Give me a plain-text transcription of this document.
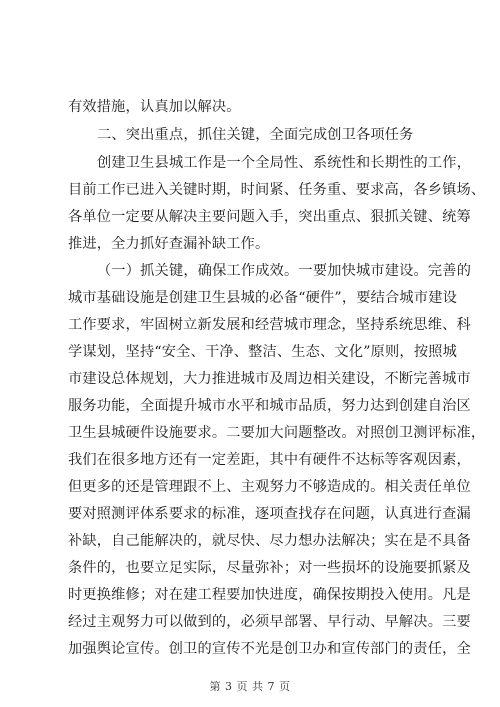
有效措施，认真加以解决。
二、突出重点，抓住关键，全面完成创卫各项任务
创建卫生县城工作是一个全局性、系统性和长期性的工作，
目前工作已进入关键时期，时间紧、任务重、要求高，各乡镇场、
各单位一定要从解决主要问题入手，突出重点、狠抓关键、统筹
推进，全力抓好查漏补缺工作。
（一）抓关键，确保工作成效。一要加快城市建设。完善的
城市基础设施是创建卫生县城的必备“硬件”，要结合城市建设
工作要求，牢固树立新发展和经营城市理念，坚持系统思维、科
学谋划，坚持“安全、干净、整洁、生态、文化”原则，按照城
市建设总体规划，大力推进城市及周边相关建设，不断完善城市
服务功能，全面提升城市水平和城市品质，努力达到创建自治区
卫生县城硬件设施要求。二要加大问题整改。对照创卫测评标准，
我们在很多地方还有一定差距，其中有硬件不达标等客观因素，
但更多的还是管理跟不上、主观努力不够造成的。相关责任单位
要对照测评体系要求的标准，逐项查找存在问题，认真进行查漏
补缺，自己能解决的，就尽快、尽力想办法解决；实在是不具备
条件的，也要立足实际，尽量弥补；对一些损坏的设施要抓紧及
时更换维修；对在建工程要加快进度，确保按期投入使用。凡是
经过主观努力可以做到的，必须早部署、早行动、早解决。三要
加强舆论宣传。创卫的宣传不光是创卫办和宣传部门的责任，全
第 3 页 共 7 页
